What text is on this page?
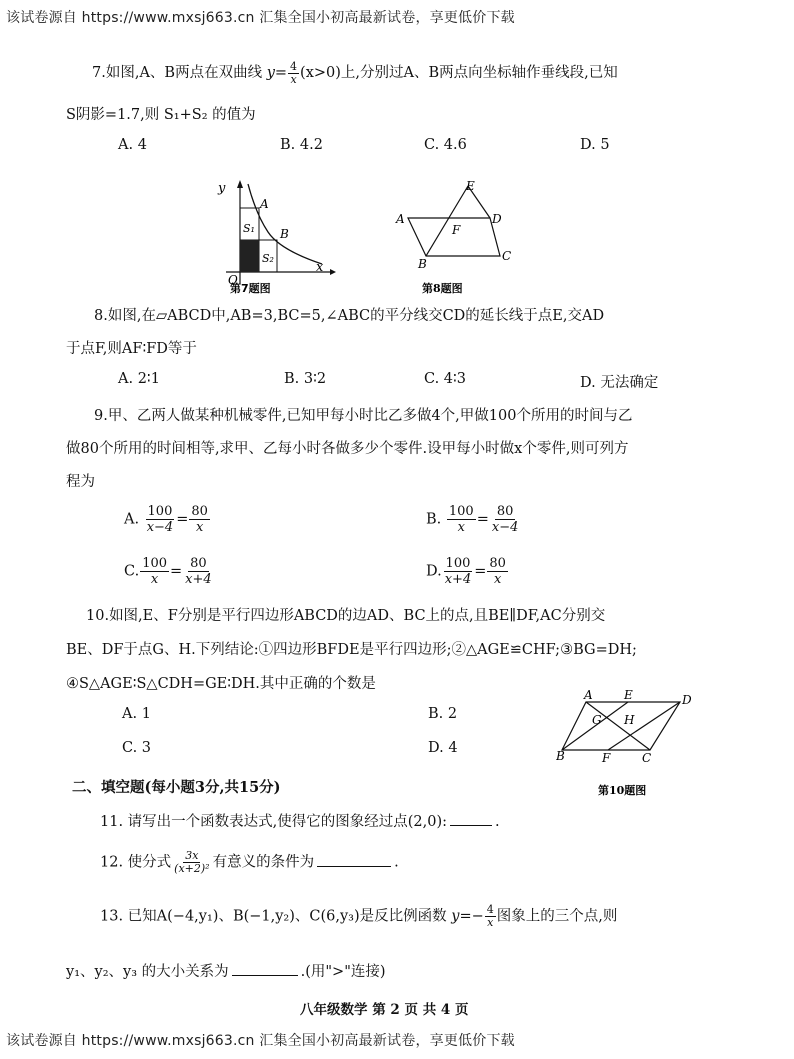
该试卷源自 https://www.mxsj663.cn 汇集全国小初高最新试卷，享更低价下载
7.如图,A、B两点在双曲线 $y= \frac{4}{x} (x>0)$上,分别过A、B两点向坐标轴作垂线段,已知
S阴影=1.7,则 S₁+S₂ 的值为
A. 4	B. 4.2	C. 4.6	D. 5
y
x
O
A
B
S₁
S₂
第7题图
A
E
D
F
B
C
第8题图
8.如图,在▱ABCD中,AB=3,BC=5,∠ABC的平分线交CD的延长线于点E,交AD
于点F,则AF∶FD等于
A. 2∶1	B. 3∶2	C. 4∶3	D. 无法确定
9.甲、乙两人做某种机械零件,已知甲每小时比乙多做4个,甲做100个所用的时间与乙
做80个所用的时间相等,求甲、乙每小时各做多少个零件.设甲每小时做x个零件,则可列方
程为
A. $\frac{100}{x-4} = \frac{80}{x}$	B. $\frac{100}{x} = \frac{80}{x-4}$
C. $\frac{100}{x} = \frac{80}{x+4}$	D. $\frac{100}{x+4} = \frac{80}{x}$
10.如图,E、F分别是平行四边形ABCD的边AD、BC上的点,且BE∥DF,AC分别交
BE、DF于点G、H.下列结论:①四边形BFDE是平行四边形;②△AGE≌CHF;③BG=DH;
④S△AGE∶S△CDH=GE∶DH.其中正确的个数是
A. 1	B. 2
C. 3	D. 4
A	E	D
G H
B	F	C
第10题图
二、填空题(每小题3分,共15分)
11. 请写出一个函数表达式,使得它的图象经过点(2,0):	.
12. 使分式 $\frac{3x}{\text{(x+2)²}}$ 有意义的条件为	.
13. 已知A(−4,y₁)、B(−1,y₂)、C(6,y₃)是反比例函数 $y=- \frac{4}{x}$ 图象上的三个点,则
y₁、y₂、y₃ 的大小关系为	.(用">"连接)
八年级数学 第 2 页 共 4 页
该试卷源自 https://www.mxsj663.cn 汇集全国小初高最新试卷，享更低价下载
